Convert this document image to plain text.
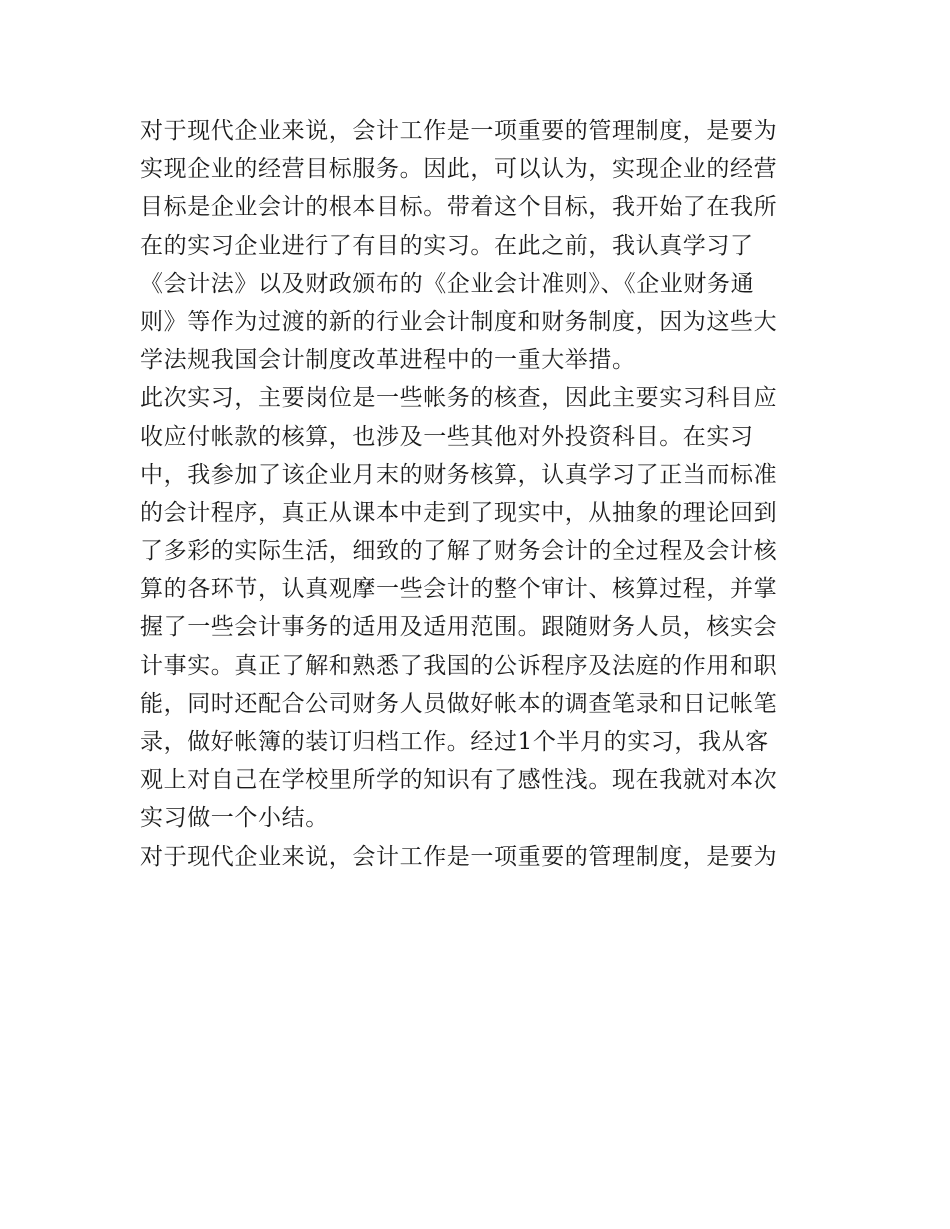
对于现代企业来说，会计工作是一项重要的管理制度，是要为
实现企业的经营目标服务。因此，可以认为，实现企业的经营
目标是企业会计的根本目标。带着这个目标，我开始了在我所
在的实习企业进行了有目的实习。在此之前，我认真学习了
《会计法》以及财政颁布的《企业会计准则》、《企业财务通
则》等作为过渡的新的行业会计制度和财务制度，因为这些大
学法规我国会计制度改革进程中的一重大举措。
此次实习，主要岗位是一些帐务的核查，因此主要实习科目应
收应付帐款的核算，也涉及一些其他对外投资科目。在实习
中，我参加了该企业月末的财务核算，认真学习了正当而标准
的会计程序，真正从课本中走到了现实中，从抽象的理论回到
了多彩的实际生活，细致的了解了财务会计的全过程及会计核
算的各环节，认真观摩一些会计的整个审计、核算过程，并掌
握了一些会计事务的适用及适用范围。跟随财务人员，核实会
计事实。真正了解和熟悉了我国的公诉程序及法庭的作用和职
能，同时还配合公司财务人员做好帐本的调查笔录和日记帐笔
录，做好帐簿的装订归档工作。经过1个半月的实习，我从客
观上对自己在学校里所学的知识有了感性浅。现在我就对本次
实习做一个小结。
对于现代企业来说，会计工作是一项重要的管理制度，是要为
